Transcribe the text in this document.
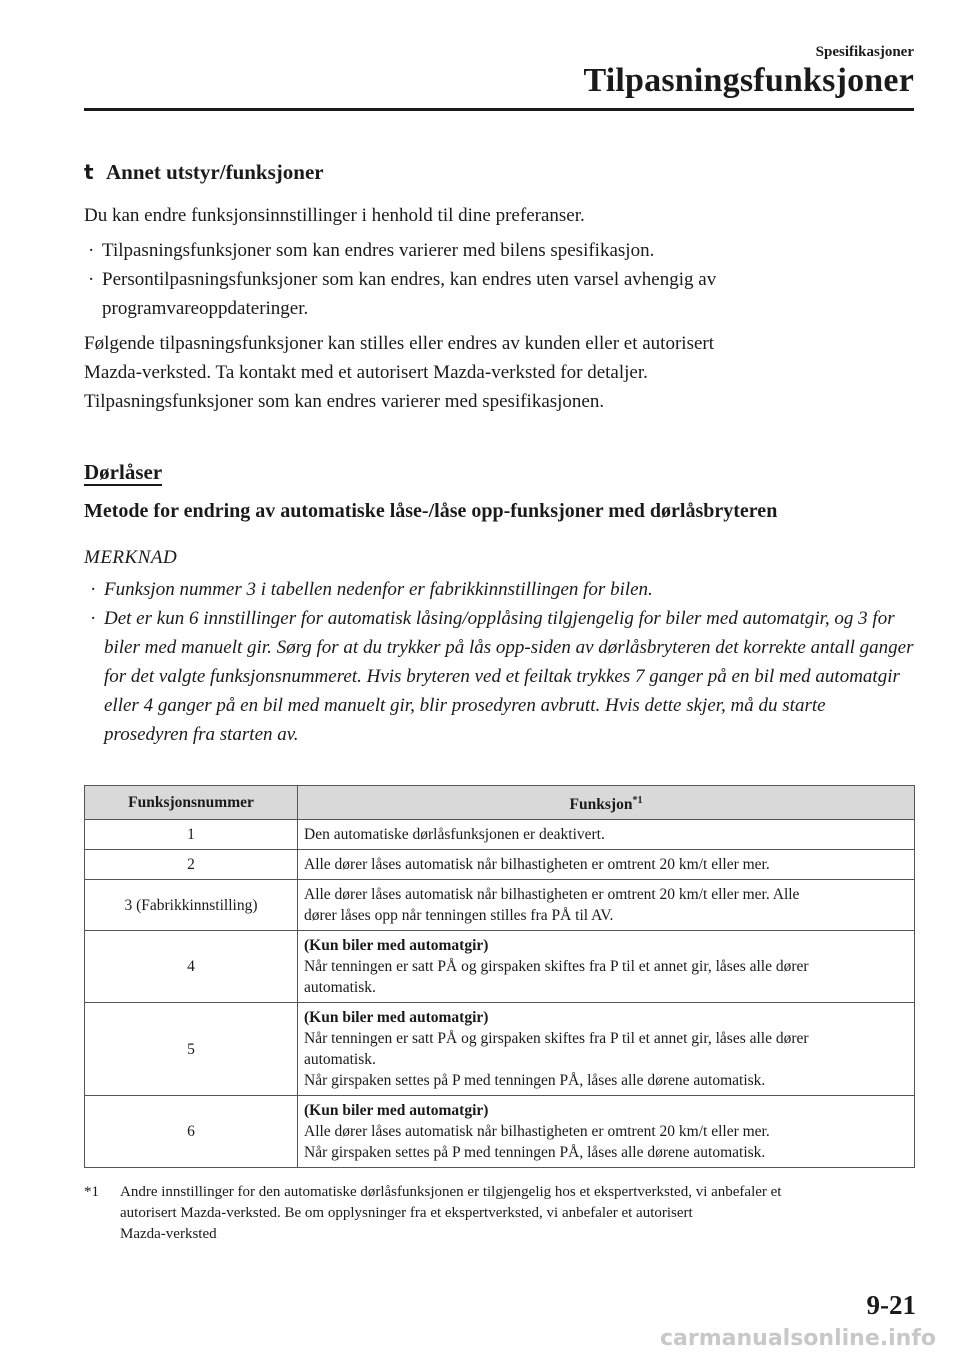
Spesifikasjoner
Tilpasningsfunksjoner
t Annet utstyr/funksjoner

Du kan endre funksjonsinnstillinger i henhold til dine preferanser.

· Tilpasningsfunksjoner som kan endres varierer med bilens spesifikasjon.
· Persontilpasningsfunksjoner som kan endres, kan endres uten varsel avhengig av programvareoppdateringer.

Følgende tilpasningsfunksjoner kan stilles eller endres av kunden eller et autorisert
Mazda-verksted. Ta kontakt med et autorisert Mazda-verksted for detaljer.
Tilpasningsfunksjoner som kan endres varierer med spesifikasjonen.

Dørlåser
Metode for endring av automatiske låse-/låse opp-funksjoner med dørlåsbryteren
MERKNAD
· Funksjon nummer 3 i tabellen nedenfor er fabrikkinnstillingen for bilen.
· Det er kun 6 innstillinger for automatisk låsing/opplåsing tilgjengelig for biler med automatgir, og 3 for biler med manuelt gir. Sørg for at du trykker på lås opp-siden av dørlåsbryteren det korrekte antall ganger for det valgte funksjonsnummeret. Hvis bryteren ved et feiltak trykkes 7 ganger på en bil med automatgir eller 4 ganger på en bil med manuelt gir, blir prosedyren avbrutt. Hvis dette skjer, må du starte prosedyren fra starten av.
Funksjonsnummer	Funksjon$^{*1}$
1	Den automatiske dørlåsfunksjonen er deaktivert.

2	Alle dører låses automatisk når bilhastigheten er omtrent 20 km/t eller mer.

3 (Fabrikkinnstilling)	Alle dører låses automatisk når bilhastigheten er omtrent 20 km/t eller mer. Alle
dører låses opp når tenningen stilles fra PÅ til AV.

4	(Kun biler med automatgir)
Når tenningen er satt PÅ og girspaken skiftes fra P til et annet gir, låses alle dører
automatisk.

5	(Kun biler med automatgir)
Når tenningen er satt PÅ og girspaken skiftes fra P til et annet gir, låses alle dører
automatisk.
Når girspaken settes på P med tenningen PÅ, låses alle dørene automatisk.

6	(Kun biler med automatgir)
Alle dører låses automatisk når bilhastigheten er omtrent 20 km/t eller mer.
Når girspaken settes på P med tenningen PÅ, låses alle dørene automatisk.
*1	Andre innstillinger for den automatiske dørlåsfunksjonen er tilgjengelig hos et ekspertverksted, vi anbefaler et
autorisert Mazda-verksted. Be om opplysninger fra et ekspertverksted, vi anbefaler et autorisert
Mazda-verksted
9-21
carmanualsonline.info
